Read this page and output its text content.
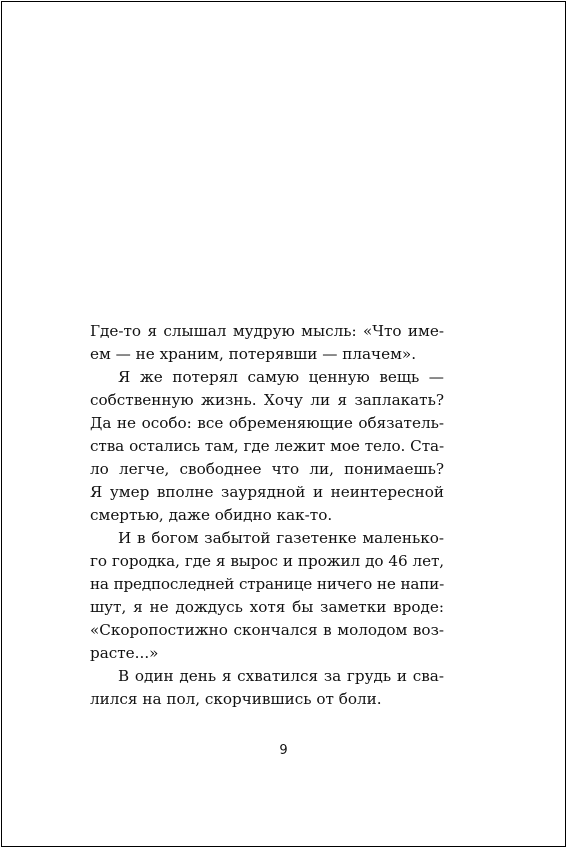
Где-то я слышал мудрую мысль: «Что име-
ем — не храним, потерявши — плачем».
Я же потерял самую ценную вещь —
собственную жизнь. Хочу ли я заплакать?
Да не особо: все обременяющие обязатель-
ства остались там, где лежит мое тело. Ста-
ло легче, свободнее что ли, понимаешь?
Я умер вполне заурядной и неинтересной
смертью, даже обидно как-то.
И в богом забытой газетенке маленько-
го городка, где я вырос и прожил до 46 лет,
на предпоследней странице ничего не напи-
шут, я не дождусь хотя бы заметки вроде:
«Скоропостижно скончался в молодом воз-
расте...»
В один день я схватился за грудь и сва-
лился на пол, скорчившись от боли.
9
